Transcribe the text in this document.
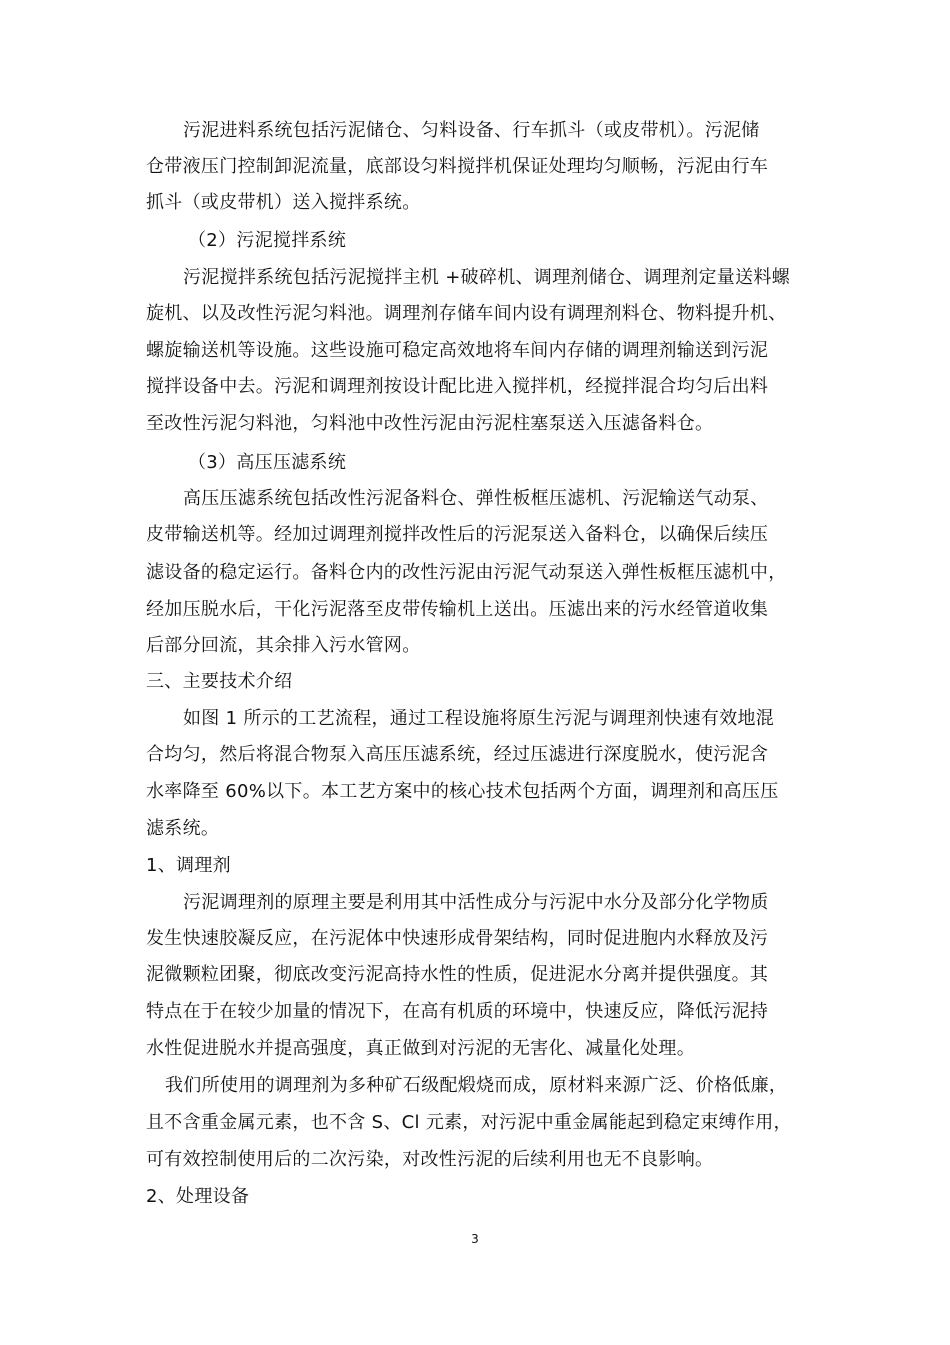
污泥进料系统包括污泥储仓、匀料设备、行车抓斗（或皮带机）。污泥储
仓带液压门控制卸泥流量，底部设匀料搅拌机保证处理均匀顺畅，污泥由行车
抓斗（或皮带机）送入搅拌系统。
（2）污泥搅拌系统
污泥搅拌系统包括污泥搅拌主机 +破碎机、调理剂储仓、调理剂定量送料螺
旋机、以及改性污泥匀料池。调理剂存储车间内设有调理剂料仓、物料提升机、
螺旋输送机等设施。这些设施可稳定高效地将车间内存储的调理剂输送到污泥
搅拌设备中去。污泥和调理剂按设计配比进入搅拌机，经搅拌混合均匀后出料
至改性污泥匀料池，匀料池中改性污泥由污泥柱塞泵送入压滤备料仓。
（3）高压压滤系统
高压压滤系统包括改性污泥备料仓、弹性板框压滤机、污泥输送气动泵、
皮带输送机等。经加过调理剂搅拌改性后的污泥泵送入备料仓，以确保后续压
滤设备的稳定运行。备料仓内的改性污泥由污泥气动泵送入弹性板框压滤机中，
经加压脱水后，干化污泥落至皮带传输机上送出。压滤出来的污水经管道收集
后部分回流，其余排入污水管网。
三、主要技术介绍
如图 1 所示的工艺流程，通过工程设施将原生污泥与调理剂快速有效地混
合均匀，然后将混合物泵入高压压滤系统，经过压滤进行深度脱水，使污泥含
水率降至 60%以下。本工艺方案中的核心技术包括两个方面，调理剂和高压压
滤系统。
1、调理剂
污泥调理剂的原理主要是利用其中活性成分与污泥中水分及部分化学物质
发生快速胶凝反应，在污泥体中快速形成骨架结构，同时促进胞内水释放及污
泥微颗粒团聚，彻底改变污泥高持水性的性质，促进泥水分离并提供强度。其
特点在于在较少加量的情况下，在高有机质的环境中，快速反应，降低污泥持
水性促进脱水并提高强度，真正做到对污泥的无害化、减量化处理。
我们所使用的调理剂为多种矿石级配煅烧而成，原材料来源广泛、价格低廉，
且不含重金属元素，也不含 S、Cl 元素，对污泥中重金属能起到稳定束缚作用，
可有效控制使用后的二次污染，对改性污泥的后续利用也无不良影响。
2、处理设备
3
